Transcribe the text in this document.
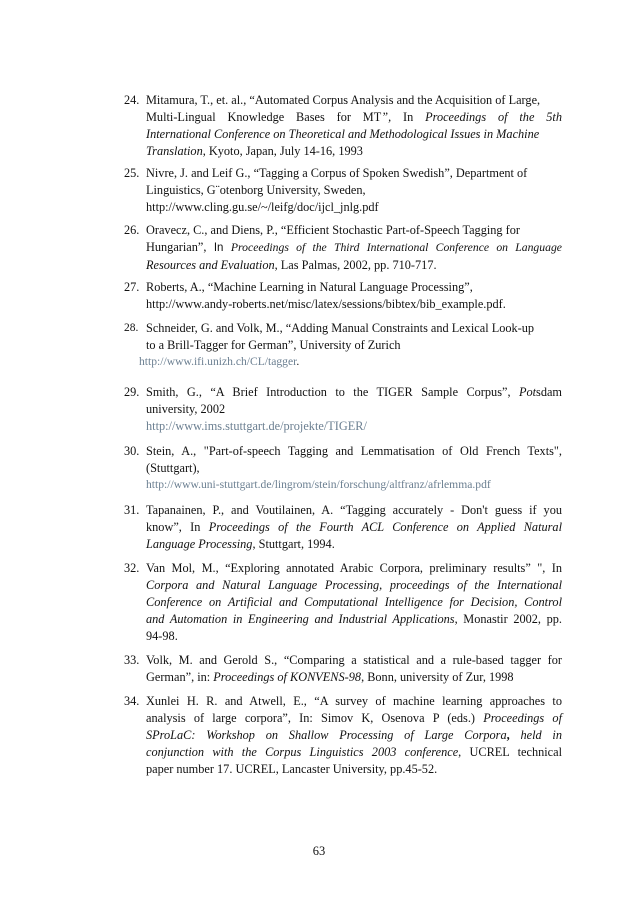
24. Mitamura, T., et. al., “Automated Corpus Analysis and the Acquisition of Large,
Multi-Lingual Knowledge Bases for MT”, In Proceedings of the 5th
International Conference on Theoretical and Methodological Issues in Machine
Translation, Kyoto, Japan, July 14-16, 1993
25. Nivre, J. and Leif G., “Tagging a Corpus of Spoken Swedish”, Department of
Linguistics, G¨otenborg University, Sweden,
http://www.cling.gu.se/~/leifg/doc/ijcl_jnlg.pdf
26. Oravecz, C., and Diens, P., “Efficient Stochastic Part-of-Speech Tagging for
Hungarian”, In Proceedings of the Third International Conference on Language
Resources and Evaluation, Las Palmas, 2002, pp. 710-717.
27. Roberts, A., “Machine Learning in Natural Language Processing”,
http://www.andy-roberts.net/misc/latex/sessions/bibtex/bib_example.pdf.
28. Schneider, G. and Volk, M., “Adding Manual Constraints and Lexical Look-up
to a Brill-Tagger for German”, University of Zurich
http://www.ifi.unizh.ch/CL/tagger.
29. Smith, G., “A Brief Introduction to the TIGER Sample Corpus”, Potsdam
university, 2002
http://www.ims.stuttgart.de/projekte/TIGER/
30. Stein, A., "Part-of-speech Tagging and Lemmatisation of Old French Texts",
(Stuttgart),
http://www.uni-stuttgart.de/lingrom/stein/forschung/altfranz/afrlemma.pdf
31. Tapanainen, P., and Voutilainen, A. “Tagging accurately - Don't guess if you
know”, In Proceedings of the Fourth ACL Conference on Applied Natural
Language Processing, Stuttgart, 1994.
32. Van Mol, M., “Exploring annotated Arabic Corpora, preliminary results” ", In
Corpora and Natural Language Processing, proceedings of the International
Conference on Artificial and Computational Intelligence for Decision, Control
and Automation in Engineering and Industrial Applications, Monastir 2002, pp.
94-98.
33. Volk, M. and Gerold S., “Comparing a statistical and a rule-based tagger for
German”, in: Proceedings of KONVENS-98, Bonn, university of Zur, 1998
34. Xunlei H. R. and Atwell, E., “A survey of machine learning approaches to
analysis of large corpora”, In: Simov K, Osenova P (eds.) Proceedings of
SProLaC: Workshop on Shallow Processing of Large Corpora, held in
conjunction with the Corpus Linguistics 2003 conference, UCREL technical
paper number 17. UCREL, Lancaster University, pp.45-52.
63
